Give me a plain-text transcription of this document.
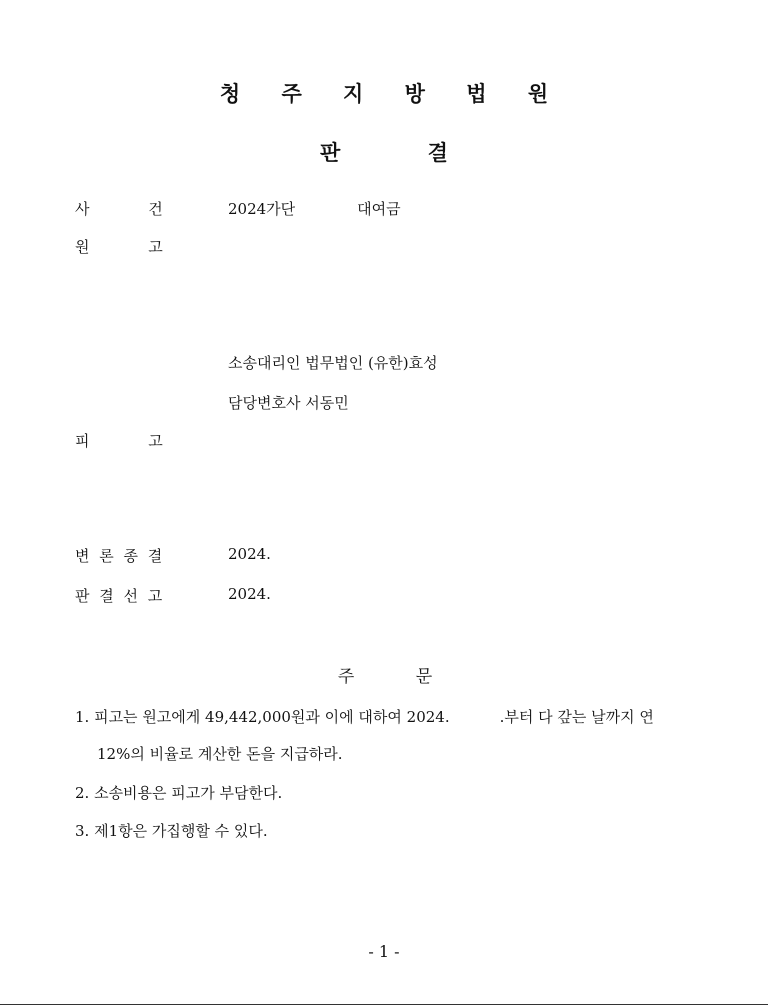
청 주 지 방 법 원
판 결
사 건	2024가단	대여금
원 고
소송대리인 법무법인 (유한)효성
담당변호사 서동민
피 고
변 론 종 결	2024.
판 결 선 고	2024.
주 문
1. 피고는 원고에게 49,442,000원과 이에 대하여 2024.	.부터 다 갚는 날까지 연
12%의 비율로 계산한 돈을 지급하라.
2. 소송비용은 피고가 부담한다.
3. 제1항은 가집행할 수 있다.
- 1 -
